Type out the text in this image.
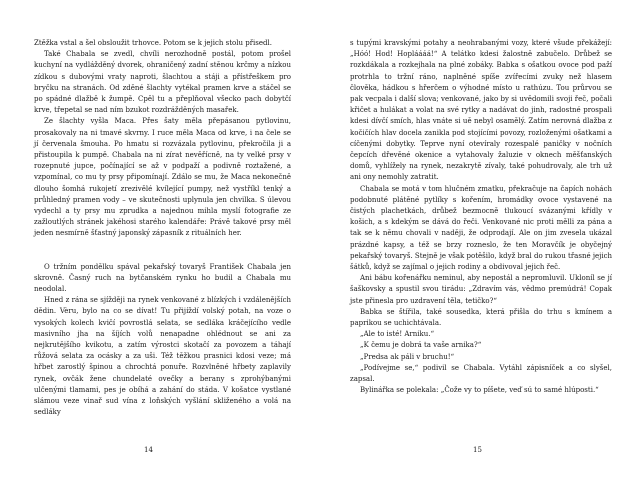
Ztěžka vstal a šel obsloužit trhovce. Potom se k jejich stolu přisedl.

Také Chabala se zvedl, chvíli nerozhodně postál, potom prošel kuchyní na vydlážděný dvorek, ohraničený zadní stěnou krčmy a nízkou zídkou s dubovými vraty naproti, šlachtou a stáji a přístřeškem pro bryčku na stranách. Od zděné šlachty vytékal pramen krve a stáčel se po spádné dlažbě k žumpě. Cpěl tu a přeplňoval všecko pach dobytčí krve, třepetal se nad ním bzukot rozdrážděných masařek.

Ze šlachty vyšla Maca. Přes šaty měla přepásanou pytlovinu, prosakovaly na ni tmavé skvrny. I ruce měla Maca od krve, i na čele se jí červenala šmouha. Po hmatu si rozvázala pytlovinu, překročila ji a přistoupila k pumpě. Chabala na ni zírat nevěřícně, na ty velké prsy v rozepnuté jupce, počínající se až v podpaží a podivně roztažené, a vzpomínal, co mu ty prsy připomínají. Zdálo se mu, že Maca nekonečně dlouho šomhá rukojetí zrezivělé kvílející pumpy, než vystříkl tenký a průhledný pramen vody – ve skutečnosti uplynula jen chvilka. S úlevou vydechl a ty prsy mu zprudka a najednou mihla myslí fotografie ze zažloutlých stránek jakéhosi starého kalendáře: Právě takové prsy měl jeden nesmírně šťastný japonský zápasník z rituálních her.

O tržním pondělku spával pekařský tovaryš František Chabala jen skrovně. Časný ruch na bytčanském rynku ho budil a Chabala mu neodolal.

Hned z rána se sjížději na rynek venkované z blízkých i vzdálenějších dědin. Vèru, bylo na co se dívat! Tu přijíždí volský potah, na voze o vysokých kolech kvičí povrostlá selata, se sedlákа kráčejícího vedle masivního jha na šíjích volů nenapadne ohlédnout se ani za nejkrutějšího kvikotu, a zatím výrostci skotačí za povozem a táhají růžová selata za ocásky a za uši. Též těžkou prasnici kdosi veze; má hřbet zarostlý špinou a chrochtá ponuře. Rozvlněné hřbety zaplavily rynek, ovčák žene chundelaté ovečky a berany s zprohýbanými ulčenými tlamami, pes je obíhá a zahání do stáda. V košatce vystlané slámou veze vinař sud vína z loňských vyšlání skliženého a volá na sedláky

14

s tupými kravskými potahy a neohrabanými vozy, které všude překážejí: „Hóó! Hod! Hopláááá!“ A telátko kdesi žalostně zabučelo. Drůbež se rozkdákala a rozkejhala na plné zobáky. Babka s ošatkou ovoce pod paží protrhla to tržní ráno, naplněné spíše zvířecími zvuky než hlasem člověka, hádkou s hřerčem o výhodné místo u rathúzu. Tou průrvou se pak vecpala i další slova; venkované, jako by si uvědomili svoji řeč, počali křičet a hulákat a volat na své rytky a nadávat do jinh, radostné prospali kdesi dívčí smích, hlas vnáte si uě nebyl osamělý. Zatím nerovná dlažba z kočičích hlav docela zanikla pod stojícími povozy, rozloženými ošatkami a cíčenými dobytky. Teprve nyní otevíraly rozespalé paničky v nočních čepcích dřevěné okenice a vytahovaly žaluzie v oknech měšťanských domů, vyhlížely na rynek, nezakrytě zívaly, také pohudrovaly, ale trh už ani ony nemohly zatratit.

Chabala se motá v tom hlučném zmatku, překračuje na čapích nohách podobnuté plátěné pytlíky s kořením, hromádky ovoce vystavené na čistých plachetkách, drůbež bezmocně tlukoucí svázanými křídly v košich, a s kdekým se dává do řeči. Venkované nic proti mělli za pána a tak se k němu chovali v naději, že odprodají. Ale on jim zvesela ukázal prázdné kapsy, a též se brzy rozneslo, že ten Moravčík je obyčejný pekařský tovaryš. Stejně je však potěšilo, když bral do rukou třasné jejich šátků, když se zajímal o jejich rodiny a obdivoval jejich řeč.

Ani bábu kořenářku neminul, aby nepostál a nepromluvil. Ukloníl se jí šaškovsky a spustil svou tirádu: „Zdravím vás, vědmo premúdrá! Copak jste přinesla pro uzdravení těla, tetičko?“

Babka se štířila, také sousedka, která přišla do trhu s kmínem a paprikou se uchichtávala.

„Ale to isté! Arniku.“

„K čemu je dobrá ta vaše arnika?“

„Predsa ak páli v bruchu!“

„Podívejme se,“ podivil se Chabala. Vytáhl zápisníček a co slyšel, zapsal.

Bylinářka se polekala: „Čože vy to píšete, veď sú to samé hlúposti.“

15
